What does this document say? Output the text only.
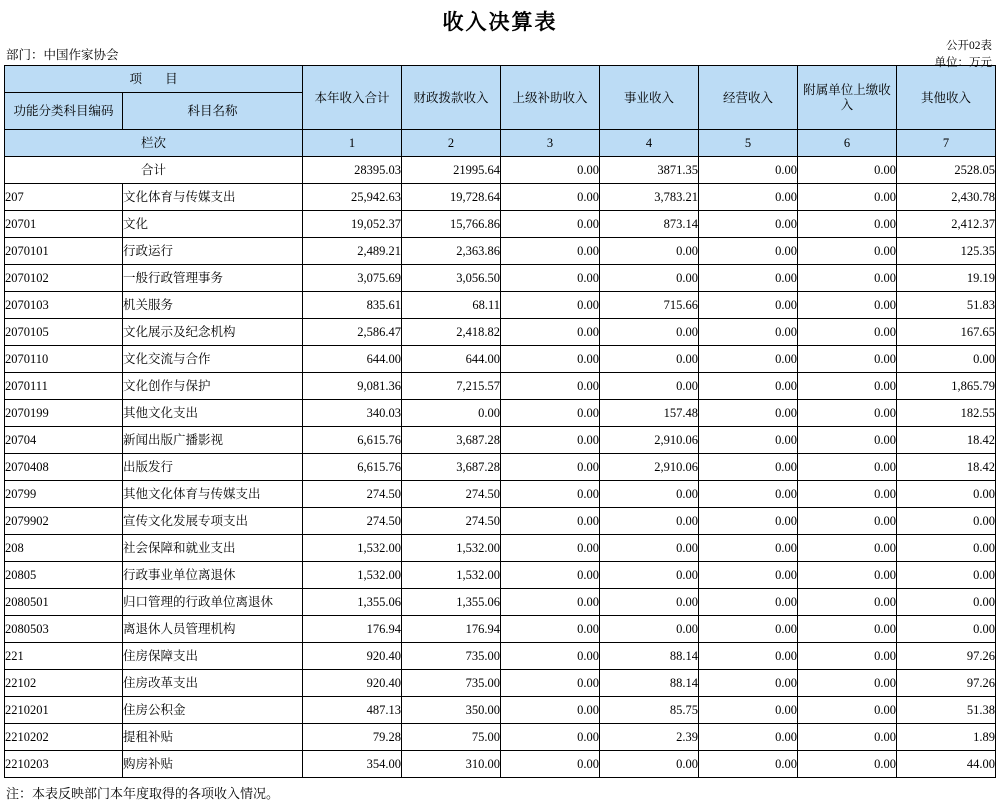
收入决算表
公开02表
单位：万元
部门：中国作家协会
项 目		本年收入合计	财政拨款收入	上级补助收入	事业收入	经营收入	附属单位上缴收入	其他收入
功能分类科目编码	科目名称							
栏次		1	2	3	4	5	6	7
合计		28395.03	21995.64	0.00	3871.35	0.00	0.00	2528.05
207	文化体育与传媒支出	25,942.63	19,728.64	0.00	3,783.21	0.00	0.00	2,430.78
20701	文化	19,052.37	15,766.86	0.00	873.14	0.00	0.00	2,412.37
2070101	行政运行	2,489.21	2,363.86	0.00	0.00	0.00	0.00	125.35
2070102	一般行政管理事务	3,075.69	3,056.50	0.00	0.00	0.00	0.00	19.19
2070103	机关服务	835.61	68.11	0.00	715.66	0.00	0.00	51.83
2070105	文化展示及纪念机构	2,586.47	2,418.82	0.00	0.00	0.00	0.00	167.65
2070110	文化交流与合作	644.00	644.00	0.00	0.00	0.00	0.00	0.00
2070111	文化创作与保护	9,081.36	7,215.57	0.00	0.00	0.00	0.00	1,865.79
2070199	其他文化支出	340.03	0.00	0.00	157.48	0.00	0.00	182.55
20704	新闻出版广播影视	6,615.76	3,687.28	0.00	2,910.06	0.00	0.00	18.42
2070408	出版发行	6,615.76	3,687.28	0.00	2,910.06	0.00	0.00	18.42
20799	其他文化体育与传媒支出	274.50	274.50	0.00	0.00	0.00	0.00	0.00
2079902	宣传文化发展专项支出	274.50	274.50	0.00	0.00	0.00	0.00	0.00
208	社会保障和就业支出	1,532.00	1,532.00	0.00	0.00	0.00	0.00	0.00
20805	行政事业单位离退休	1,532.00	1,532.00	0.00	0.00	0.00	0.00	0.00
2080501	归口管理的行政单位离退休	1,355.06	1,355.06	0.00	0.00	0.00	0.00	0.00
2080503	离退休人员管理机构	176.94	176.94	0.00	0.00	0.00	0.00	0.00
221	住房保障支出	920.40	735.00	0.00	88.14	0.00	0.00	97.26
22102	住房改革支出	920.40	735.00	0.00	88.14	0.00	0.00	97.26
2210201	住房公积金	487.13	350.00	0.00	85.75	0.00	0.00	51.38
2210202	提租补贴	79.28	75.00	0.00	2.39	0.00	0.00	1.89
2210203	购房补贴	354.00	310.00	0.00	0.00	0.00	0.00	44.00
注：本表反映部门本年度取得的各项收入情况。
